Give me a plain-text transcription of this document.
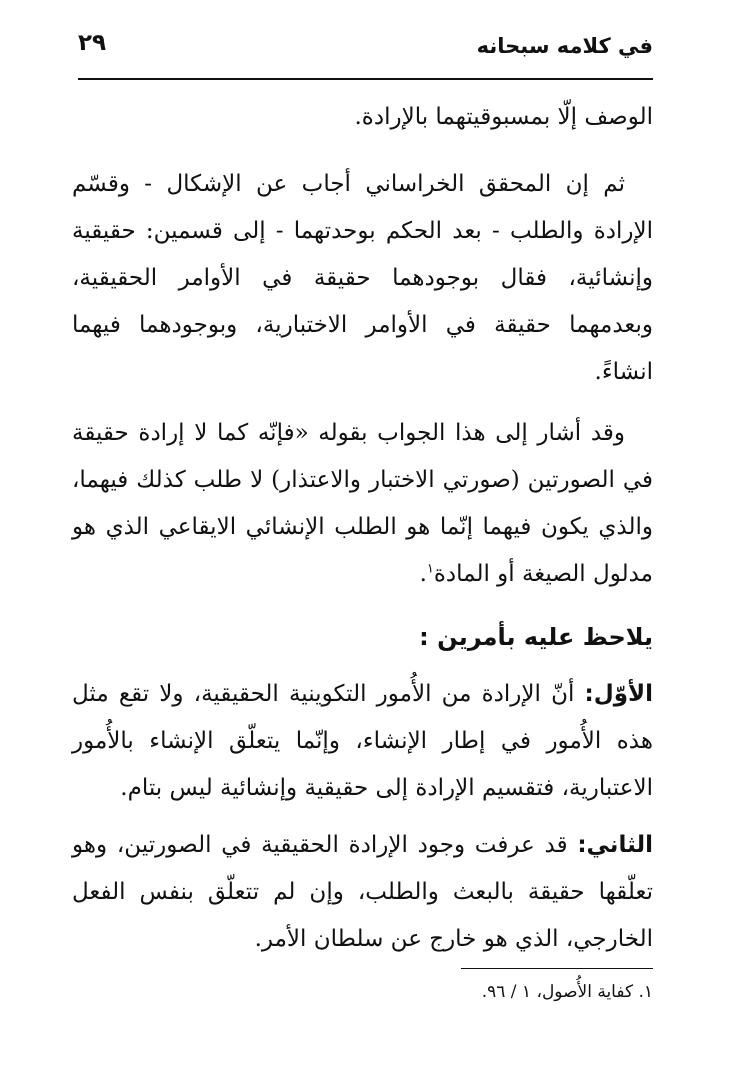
في كلامه سبحانه
٢٩

الوصف إلّا بمسبوقيتهما بالإرادة.

ثم إن المحقق الخراساني أجاب عن الإشكال - وقسّم الإرادة والطلب - بعد الحكم بوحدتهما - إلى قسمين: حقيقية وإنشائية، فقال بوجودهما حقيقة في الأوامر الحقيقية، وبعدمهما حقيقة في الأوامر الاختبارية، وبوجودهما فيهما انشاءً.

وقد أشار إلى هذا الجواب بقوله «فإنّه كما لا إرادة حقيقة في الصورتين (صورتي الاختبار والاعتذار) لا طلب كذلك فيهما، والذي يكون فيهما إنّما هو الطلب الإنشائي الايقاعي الذي هو مدلول الصيغة أو المادة$^١$.

يلاحظ عليه بأمرين :

الأوّل: أنّ الإرادة من الأُمور التكوينية الحقيقية، ولا تقع مثل هذه الأُمور في إطار الإنشاء، وإنّما يتعلّق الإنشاء بالأُمور الاعتبارية، فتقسيم الإرادة إلى حقيقية وإنشائية ليس بتام.

الثاني: قد عرفت وجود الإرادة الحقيقية في الصورتين، وهو تعلّقها حقيقة بالبعث والطلب، وإن لم تتعلّق بنفس الفعل الخارجي، الذي هو خارج عن سلطان الأمر.

١. كفاية الأُصول، ١ / ٩٦.
